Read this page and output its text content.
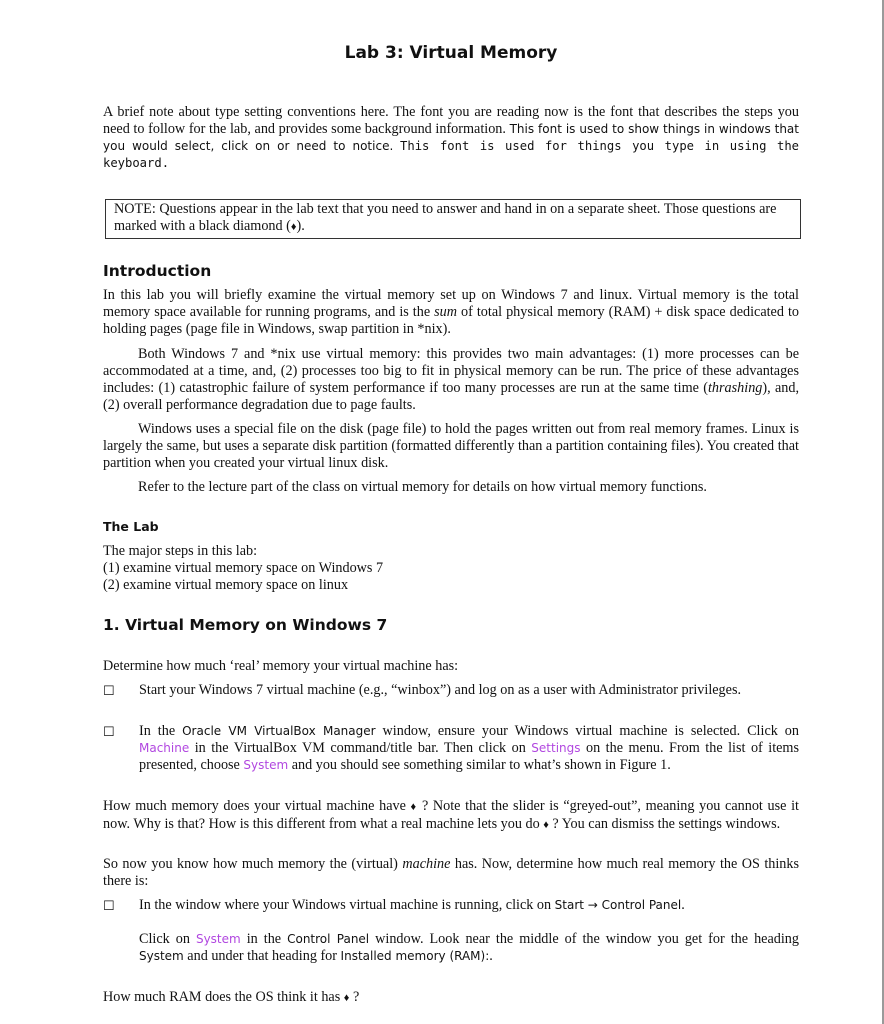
Lab 3: Virtual Memory

A brief note about type setting conventions here. The font you are reading now is the font that describes the steps you need to follow for the lab, and provides some background information. This font is used to show things in windows that you would select, click on or need to notice. This font is used for things you type in using the keyboard.

NOTE: Questions appear in the lab text that you need to answer and hand in on a separate sheet. Those questions are marked with a black diamond (♦).
Introduction

In this lab you will briefly examine the virtual memory set up on Windows 7 and linux. Virtual memory is the total memory space available for running programs, and is the sum of total physical memory (RAM) + disk space dedicated to holding pages (page file in Windows, swap partition in *nix).

Both Windows 7 and *nix use virtual memory: this provides two main advantages: (1) more processes can be accommodated at a time, and, (2) processes too big to fit in physical memory can be run. The price of these advantages includes: (1) catastrophic failure of system performance if too many processes are run at the same time (thrashing), and, (2) overall performance degradation due to page faults.

Windows uses a special file on the disk (page file) to hold the pages written out from real memory frames. Linux is largely the same, but uses a separate disk partition (formatted differently than a partition containing files). You created that partition when you created your virtual linux disk.

Refer to the lecture part of the class on virtual memory for details on how virtual memory functions.

The Lab

The major steps in this lab:

(1) examine virtual memory space on Windows 7

(2) examine virtual memory space on linux

1. Virtual Memory on Windows 7

Determine how much ‘real’ memory your virtual machine has:

☐ Start your Windows 7 virtual machine (e.g., “winbox”) and log on as a user with Administrator privileges.

☐ In the Oracle VM VirtualBox Manager window, ensure your Windows virtual machine is selected. Click on Machine in the VirtualBox VM command/title bar. Then click on Settings on the menu. From the list of items presented, choose System and you should see something similar to what’s shown in Figure 1.

How much memory does your virtual machine have ♦ ? Note that the slider is “greyed-out”, meaning you cannot use it now. Why is that? How is this different from what a real machine lets you do ♦ ? You can dismiss the settings windows.

So now you know how much memory the (virtual) machine has. Now, determine how much real memory the OS thinks there is:

☐ In the window where your Windows virtual machine is running, click on Start → Control Panel.

Click on System in the Control Panel window. Look near the middle of the window you get for the heading System and under that heading for Installed memory (RAM):.

How much RAM does the OS think it has ♦ ?
